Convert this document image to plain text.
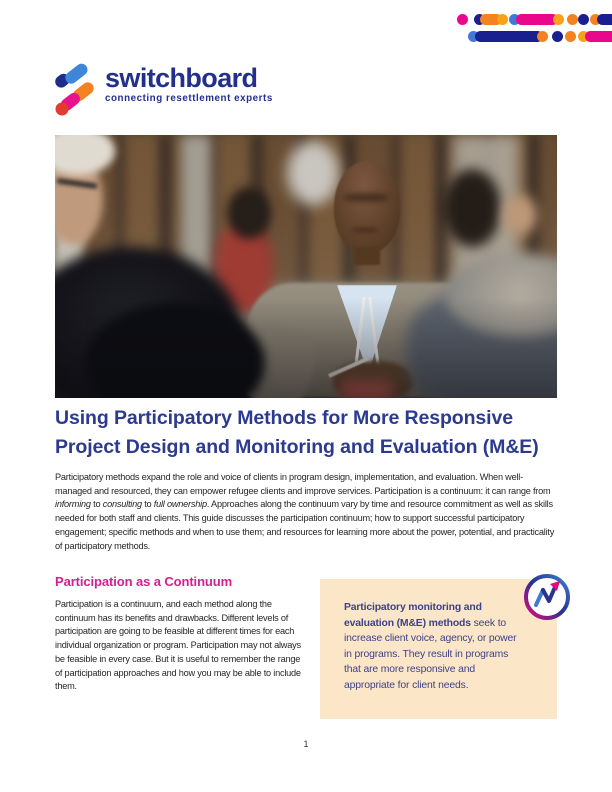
switchboard
connecting resettlement experts
Using Participatory Methods for More Responsive
Project Design and Monitoring and Evaluation (M&E)

Participatory methods expand the role and voice of clients in program design, implementation, and evaluation. When well-managed and resourced, they can empower refugee clients and improve services. Participation is a continuum: it can range from informing to consulting to full ownership. Approaches along the continuum vary by time and resource commitment as well as skills needed for both staff and clients. This guide discusses the participation continuum; how to support successful participatory engagement; specific methods and when to use them; and resources for learning more about the power, potential, and practicality of participatory methods.

Participation as a Continuum

Participation is a continuum, and each method along the continuum has its benefits and drawbacks. Different levels of participation are going to be feasible at different times for each individual organization or program. Participation may not always be feasible in every case. But it is useful to remember the range of participation approaches and how you may be able to include them.

Participatory monitoring and evaluation (M&E) methods seek to increase client voice, agency, or power in programs. They result in programs that are more responsive and appropriate for client needs.

1
